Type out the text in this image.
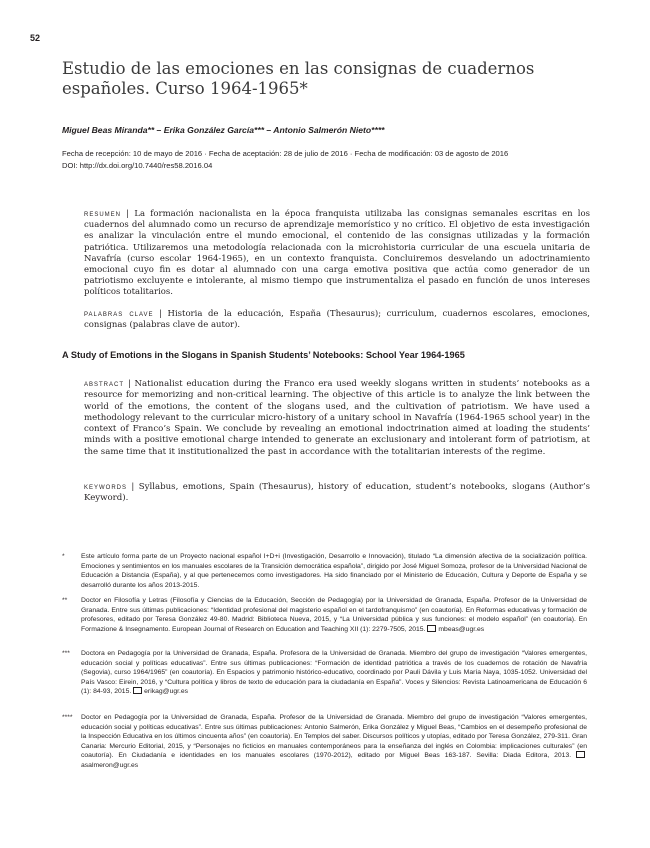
52
Estudio de las emociones en las consignas de cuadernos españoles. Curso 1964-1965*
Miguel Beas Miranda** – Erika González García*** – Antonio Salmerón Nieto****
Fecha de recepción: 10 de mayo de 2016 · Fecha de aceptación: 28 de julio de 2016 · Fecha de modificación: 03 de agosto de 2016
DOI: http://dx.doi.org/10.7440/res58.2016.04
resumen | La formación nacionalista en la época franquista utilizaba las consignas semanales escritas en los cuadernos del alumnado como un recurso de aprendizaje memorístico y no crítico. El objetivo de esta investigación es analizar la vinculación entre el mundo emocional, el contenido de las consignas utilizadas y la formación patriótica. Utilizaremos una metodología relacionada con la microhistoria curricular de una escuela unitaria de Navafría (curso escolar 1964-1965), en un contexto franquista. Concluiremos desvelando un adoctrinamiento emocional cuyo fin es dotar al alumnado con una carga emotiva positiva que actúa como generador de un patriotismo excluyente e intolerante, al mismo tiempo que instrumentaliza el pasado en función de unos intereses políticos totalitarios.
palabras clave | Historia de la educación, España (Thesaurus); curriculum, cuadernos escolares, emociones, consignas (palabras clave de autor).
A Study of Emotions in the Slogans in Spanish Students’ Notebooks: School Year 1964-1965
abstract | Nationalist education during the Franco era used weekly slogans written in students’ notebooks as a resource for memorizing and non-critical learning. The objective of this article is to analyze the link between the world of the emotions, the content of the slogans used, and the cultivation of patriotism. We have used a methodology relevant to the curricular micro-history of a unitary school in Navafría (1964-1965 school year) in the context of Franco’s Spain. We conclude by revealing an emotional indoctrination aimed at loading the students’ minds with a positive emotional charge intended to generate an exclusionary and intolerant form of patriotism, at the same time that it institutionalized the past in accordance with the totalitarian interests of the regime.
keywords | Syllabus, emotions, Spain (Thesaurus), history of education, student’s notebooks, slogans (Author’s Keyword).
* Este artículo forma parte de un Proyecto nacional español I+D+i (Investigación, Desarrollo e Innovación), titulado “La dimensión afectiva de la socialización política. Emociones y sentimientos en los manuales escolares de la Transición democrática española”, dirigido por José Miguel Somoza, profesor de la Universidad Nacional de Educación a Distancia (España), y al que pertenecemos como investigadores. Ha sido financiado por el Ministerio de Educación, Cultura y Deporte de España y se desarrolló durante los años 2013-2015.
** Doctor en Filosofía y Letras (Filosofía y Ciencias de la Educación, Sección de Pedagogía) por la Universidad de Granada, España. Profesor de la Universidad de Granada. Entre sus últimas publicaciones: “Identidad profesional del magisterio español en el tardofranquismo” (en coautoría). En Reformas educativas y formación de profesores, editado por Teresa González 49-80. Madrid: Biblioteca Nueva, 2015, y “La Universidad pública y sus funciones: el modelo español” (en coautoría). En Formazione & Insegnamento. European Journal of Research on Education and Teaching XII (1): 2279-7505, 2015. mbeas@ugr.es
*** Doctora en Pedagogía por la Universidad de Granada, España. Profesora de la Universidad de Granada. Miembro del grupo de investigación “Valores emergentes, educación social y políticas educativas”. Entre sus últimas publicaciones: “Formación de identidad patriótica a través de los cuadernos de rotación de Navafría (Segovia), curso 1964/1965” (en coautoría). En Espacios y patrimonio histórico-educativo, coordinado por Pauli Dávila y Luis María Naya, 1035-1052. Universidad del País Vasco: Eirein, 2016, y “Cultura política y libros de texto de educación para la ciudadanía en España”. Voces y Silencios: Revista Latinoamericana de Educación 6 (1): 84-93, 2015. erikag@ugr.es
**** Doctor en Pedagogía por la Universidad de Granada, España. Profesor de la Universidad de Granada. Miembro del grupo de investigación “Valores emergentes, educación social y políticas educativas”. Entre sus últimas publicaciones: Antonio Salmerón, Erika González y Miguel Beas, “Cambios en el desempeño profesional de la Inspección Educativa en los últimos cincuenta años” (en coautoría). En Templos del saber. Discursos políticos y utopías, editado por Teresa González, 279-311. Gran Canaria: Mercurio Editorial, 2015, y “Personajes no ficticios en manuales contemporáneos para la enseñanza del inglés en Colombia: implicaciones culturales” (en coautoría). En Ciudadanía e identidades en los manuales escolares (1970-2012), editado por Miguel Beas 163-187. Sevilla: Diada Editora, 2013. asalmeron@ugr.es
